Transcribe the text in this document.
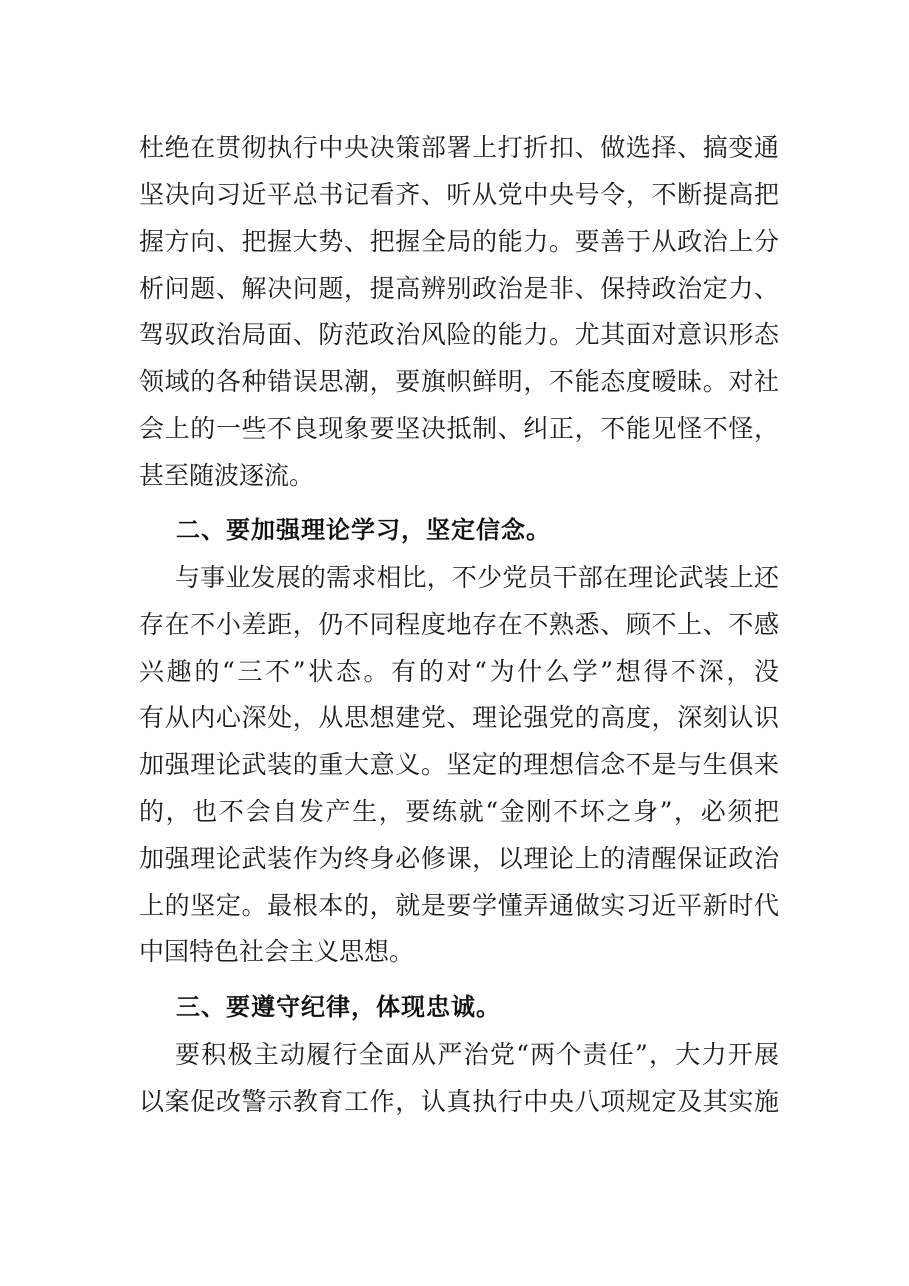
杜绝在贯彻执行中央决策部署上打折扣、做选择、搞变通
坚决向习近平总书记看齐、听从党中央号令，不断提高把
握方向、把握大势、把握全局的能力。要善于从政治上分
析问题、解决问题，提高辨别政治是非、保持政治定力、
驾驭政治局面、防范政治风险的能力。尤其面对意识形态
领域的各种错误思潮，要旗帜鲜明，不能态度暧昧。对社
会上的一些不良现象要坚决抵制、纠正，不能见怪不怪，
甚至随波逐流。
二、要加强理论学习，坚定信念。
与事业发展的需求相比，不少党员干部在理论武装上还
存在不小差距，仍不同程度地存在不熟悉、顾不上、不感
兴趣的“三不”状态。有的对“为什么学”想得不深，没
有从内心深处，从思想建党、理论强党的高度，深刻认识
加强理论武装的重大意义。坚定的理想信念不是与生俱来
的，也不会自发产生，要练就“金刚不坏之身”，必须把
加强理论武装作为终身必修课，以理论上的清醒保证政治
上的坚定。最根本的，就是要学懂弄通做实习近平新时代
中国特色社会主义思想。
三、要遵守纪律，体现忠诚。
要积极主动履行全面从严治党“两个责任”，大力开展
以案促改警示教育工作，认真执行中央八项规定及其实施
